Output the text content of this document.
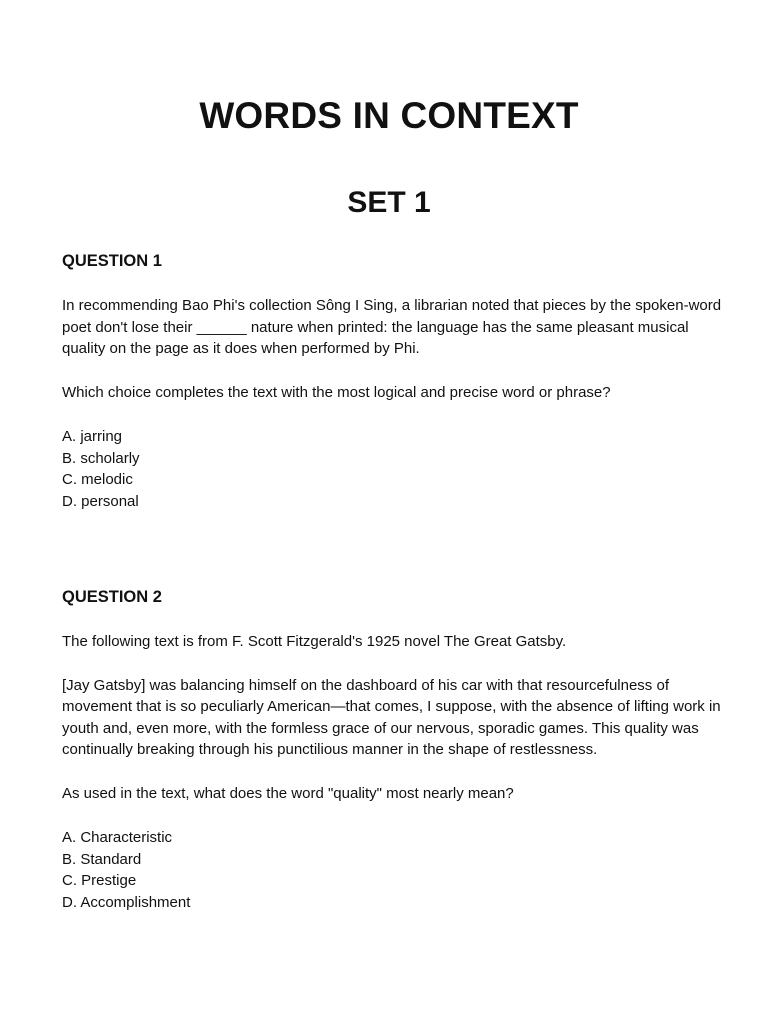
WORDS IN CONTEXT
SET 1
QUESTION 1

In recommending Bao Phi's collection Sông I Sing, a librarian noted that pieces by the spoken-word poet don't lose their ______ nature when printed: the language has the same pleasant musical quality on the page as it does when performed by Phi.

Which choice completes the text with the most logical and precise word or phrase?

A. jarring
B. scholarly
C. melodic
D. personal
QUESTION 2

The following text is from F. Scott Fitzgerald's 1925 novel The Great Gatsby.

[Jay Gatsby] was balancing himself on the dashboard of his car with that resourcefulness of movement that is so peculiarly American—that comes, I suppose, with the absence of lifting work in youth and, even more, with the formless grace of our nervous, sporadic games. This quality was continually breaking through his punctilious manner in the shape of restlessness.

As used in the text, what does the word "quality" most nearly mean?

A. Characteristic
B. Standard
C. Prestige
D. Accomplishment
